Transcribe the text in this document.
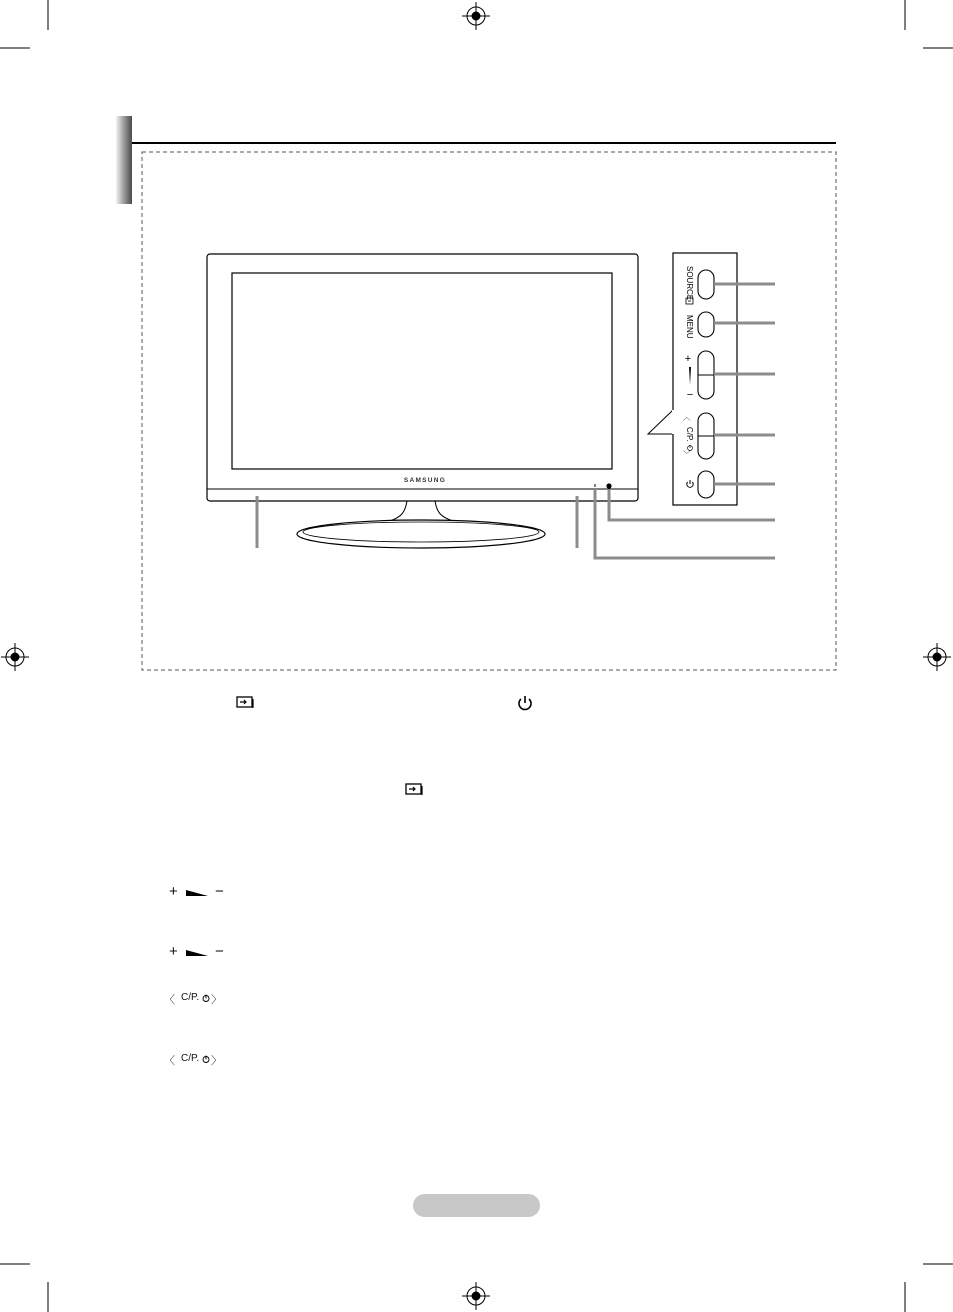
SOURCE
MENU
+
−
〈
C/P.
〉
SAMSUNG
+ −
+ −
〈 C/P. 〉
〈 C/P. 〉
